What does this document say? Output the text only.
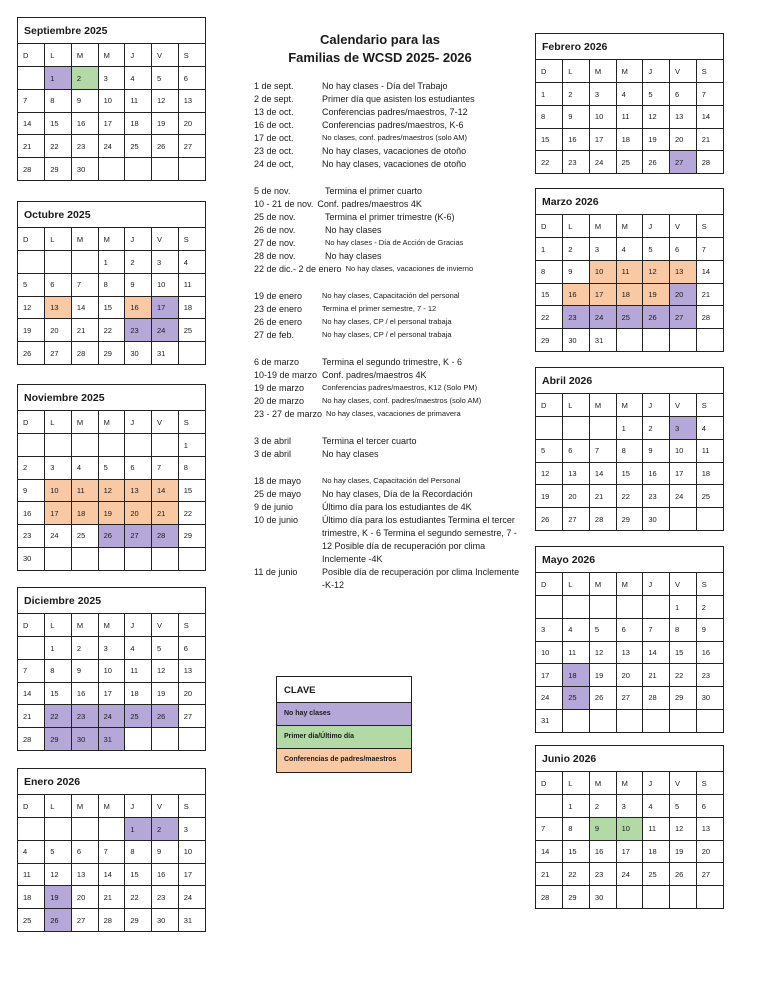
Calendario para las
Familias de WCSD 2025- 2026
Septiembre 2025
D	L	M	M	J	V	S
	1	2	3	4	5	6
7	8	9	10	11	12	13
14	15	16	17	18	19	20
21	22	23	24	25	26	27
28	29	30				
Octubre 2025
D	L	M	M	J	V	S
			1	2	3	4
5	6	7	8	9	10	11
12	13	14	15	16	17	18
19	20	21	22	23	24	25
26	27	28	29	30	31	
Noviembre 2025
D	L	M	M	J	V	S
						1
2	3	4	5	6	7	8
9	10	11	12	13	14	15
16	17	18	19	20	21	22
23	24	25	26	27	28	29
30						
Diciembre 2025
D	L	M	M	J	V	S
	1	2	3	4	5	6
7	8	9	10	11	12	13
14	15	16	17	18	19	20
21	22	23	24	25	26	27
28	29	30	31			
Enero 2026
D	L	M	M	J	V	S
				1	2	3
4	5	6	7	8	9	10
11	12	13	14	15	16	17
18	19	20	21	22	23	24
25	26	27	28	29	30	31
Febrero 2026
D	L	M	M	J	V	S
1	2	3	4	5	6	7
8	9	10	11	12	13	14
15	16	17	18	19	20	21
22	23	24	25	26	27	28
Marzo 2026
D	L	M	M	J	V	S
1	2	3	4	5	6	7
8	9	10	11	12	13	14
15	16	17	18	19	20	21
22	23	24	25	26	27	28
29	30	31				
Abril 2026
D	L	M	M	J	V	S
			1	2	3	4
5	6	7	8	9	10	11
12	13	14	15	16	17	18
19	20	21	22	23	24	25
26	27	28	29	30		
Mayo 2026
D	L	M	M	J	V	S
					1	2
3	4	5	6	7	8	9
10	11	12	13	14	15	16
17	18	19	20	21	22	23
24	25	26	27	28	29	30
31						
Junio 2026
D	L	M	M	J	V	S
	1	2	3	4	5	6
7	8	9	10	11	12	13
14	15	16	17	18	19	20
21	22	23	24	25	26	27
28	29	30				
1 de sept.	No hay clases - Día del Trabajo
2 de sept.	Primer día que asisten los estudiantes
13 de oct.	Conferencias padres/maestros, 7-12
16 de oct.	Conferencias padres/maestros, K-6
17 de oct.	No clases, conf. padres/maestros (solo AM)
23 de oct.	No hay clases, vacaciones de otoño
24 de oct,	No hay clases, vacaciones de otoño
5 de nov.	Termina el primer cuarto
10 - 21 de nov. Conf. padres/maestros 4K
25 de nov.	Termina el primer trimestre (K-6)
26 de nov.	No hay clases
27 de nov.	No hay clases - Día de Acción de Gracias
28 de nov.	No hay clases
22 de dic.- 2 de enero No hay clases, vacaciones de invierno
19 de enero	No hay clases, Capacitación del personal
23 de enero	Termina el primer semestre, 7 - 12
26 de enero	No hay clases, CP / el personal trabaja
27 de feb.	No hay clases, CP / el personal trabaja
6 de marzo	Termina el segundo trimestre, K - 6
10-19 de marzo Conf. padres/maestros 4K
19 de marzo	Conferencias padres/maestros, K12 (Solo PM)
20 de marzo	No hay clases, conf. padres/maestros (solo AM)
23 - 27 de marzo No hay clases, vacaciones de primavera
3 de abril	Termina el tercer cuarto
3 de abril	No hay clases
18 de mayo	No hay clases, Capacitación del Personal
25 de mayo	No hay clases, Día de la Recordación
9 de junio	Último día para los estudiantes de 4K
10 de junio	Último día para los estudiantes Termina el tercer trimestre, K - 6 Termina el segundo semestre, 7 - 12 Posible día de recuperación por clima Inclemente -4K
11 de junio	Posible día de recuperación por clima Inclemente -K-12
CLAVE
No hay clases
Primer día/Último día
Conferencias de padres/maestros
